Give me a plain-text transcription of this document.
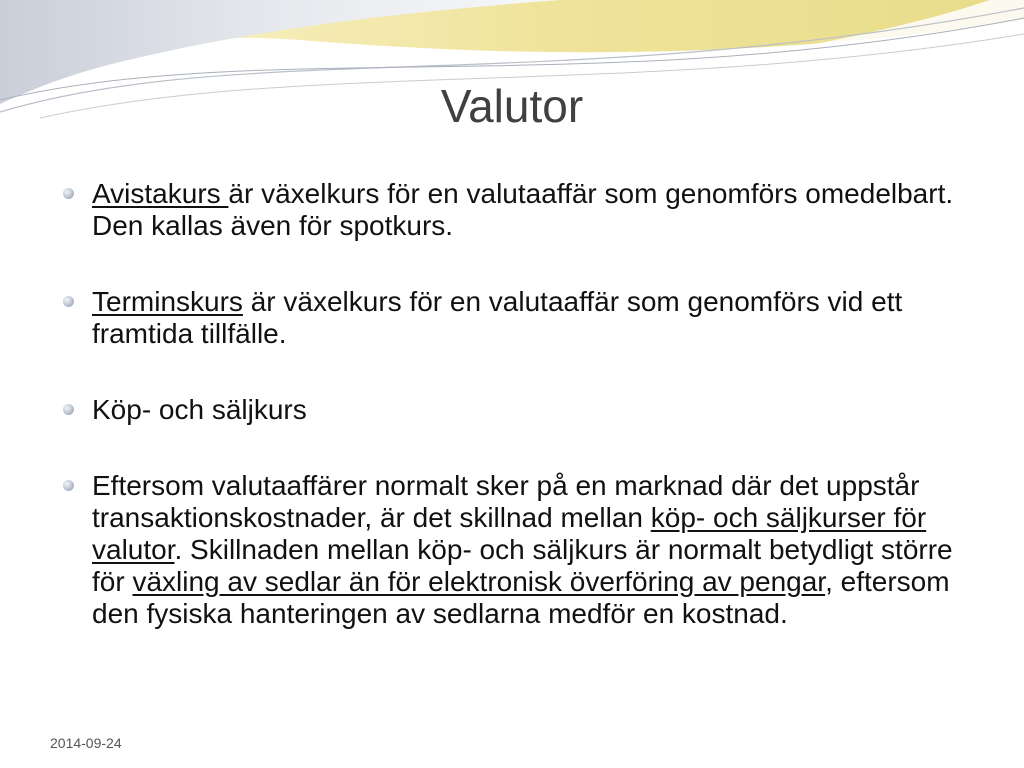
Valutor
Avistakurs är växelkurs för en valutaaffär som genomförs omedelbart. Den kallas även för spotkurs.
Terminskurs är växelkurs för en valutaaffär som genomförs vid ett framtida tillfälle.
Köp- och säljkurs
Eftersom valutaaffärer normalt sker på en marknad där det uppstår transaktionskostnader, är det skillnad mellan köp- och säljkurser för valutor. Skillnaden mellan köp- och säljkurs är normalt betydligt större för växling av sedlar än för elektronisk överföring av pengar, eftersom den fysiska hanteringen av sedlarna medför en kostnad.
2014-09-24
